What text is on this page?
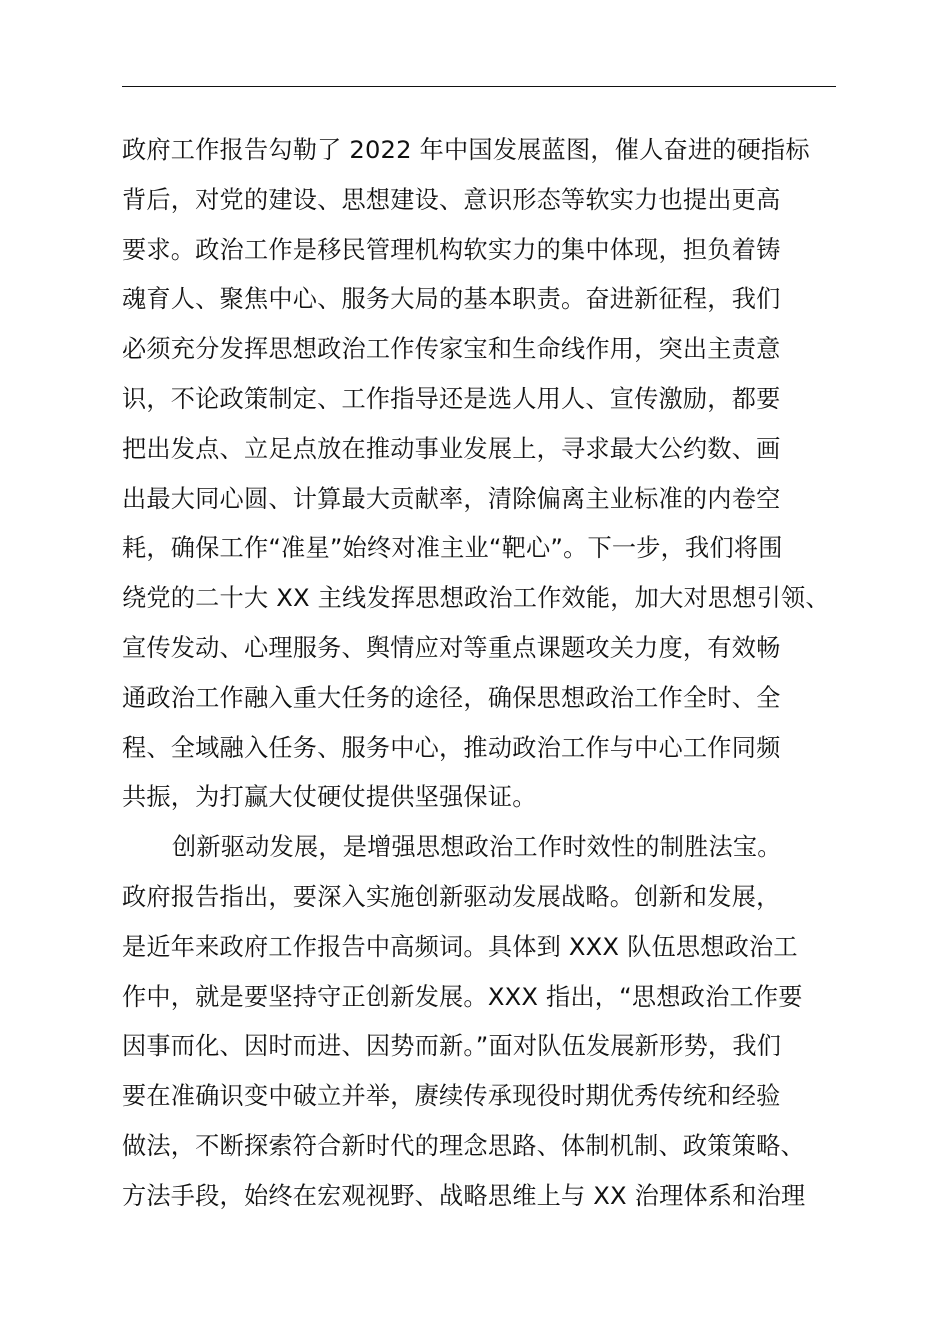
政府工作报告勾勒了 2022 年中国发展蓝图，催人奋进的硬指标
背后，对党的建设、思想建设、意识形态等软实力也提出更高
要求。政治工作是移民管理机构软实力的集中体现，担负着铸
魂育人、聚焦中心、服务大局的基本职责。奋进新征程，我们
必须充分发挥思想政治工作传家宝和生命线作用，突出主责意
识，不论政策制定、工作指导还是选人用人、宣传激励，都要
把出发点、立足点放在推动事业发展上，寻求最大公约数、画
出最大同心圆、计算最大贡献率，清除偏离主业标准的内卷空
耗，确保工作“准星”始终对准主业“靶心”。下一步，我们将围
绕党的二十大 XX 主线发挥思想政治工作效能，加大对思想引领、
宣传发动、心理服务、舆情应对等重点课题攻关力度，有效畅
通政治工作融入重大任务的途径，确保思想政治工作全时、全
程、全域融入任务、服务中心，推动政治工作与中心工作同频
共振，为打赢大仗硬仗提供坚强保证。
创新驱动发展，是增强思想政治工作时效性的制胜法宝。
政府报告指出，要深入实施创新驱动发展战略。创新和发展，
是近年来政府工作报告中高频词。具体到 XXX 队伍思想政治工
作中，就是要坚持守正创新发展。XXX 指出，“思想政治工作要
因事而化、因时而进、因势而新。”面对队伍发展新形势，我们
要在准确识变中破立并举，赓续传承现役时期优秀传统和经验
做法，不断探索符合新时代的理念思路、体制机制、政策策略、
方法手段，始终在宏观视野、战略思维上与 XX 治理体系和治理
